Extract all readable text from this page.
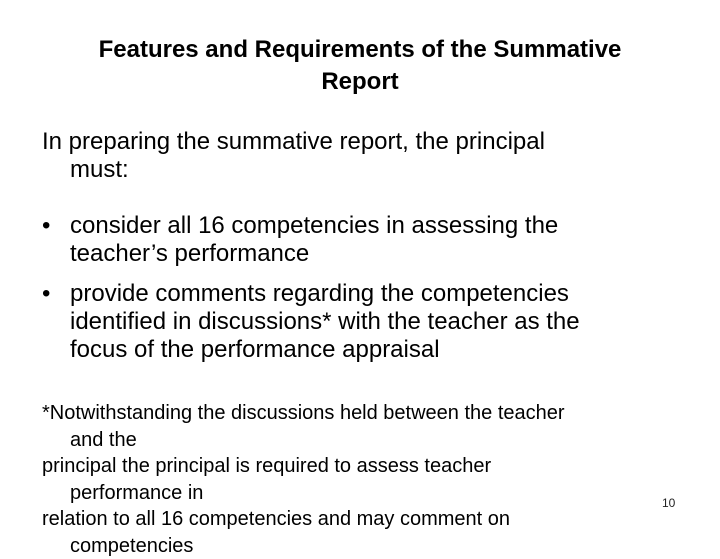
Features and Requirements of the Summative
Report
In preparing the summative report, the principal
must:
• consider all 16 competencies in assessing the
teacher’s performance
• provide comments regarding the competencies
identified in discussions* with the teacher as the
focus of the performance appraisal
*Notwithstanding the discussions held between the teacher
and the
principal the principal is required to assess teacher
performance in
relation to all 16 competencies and may comment on
competencies
10
